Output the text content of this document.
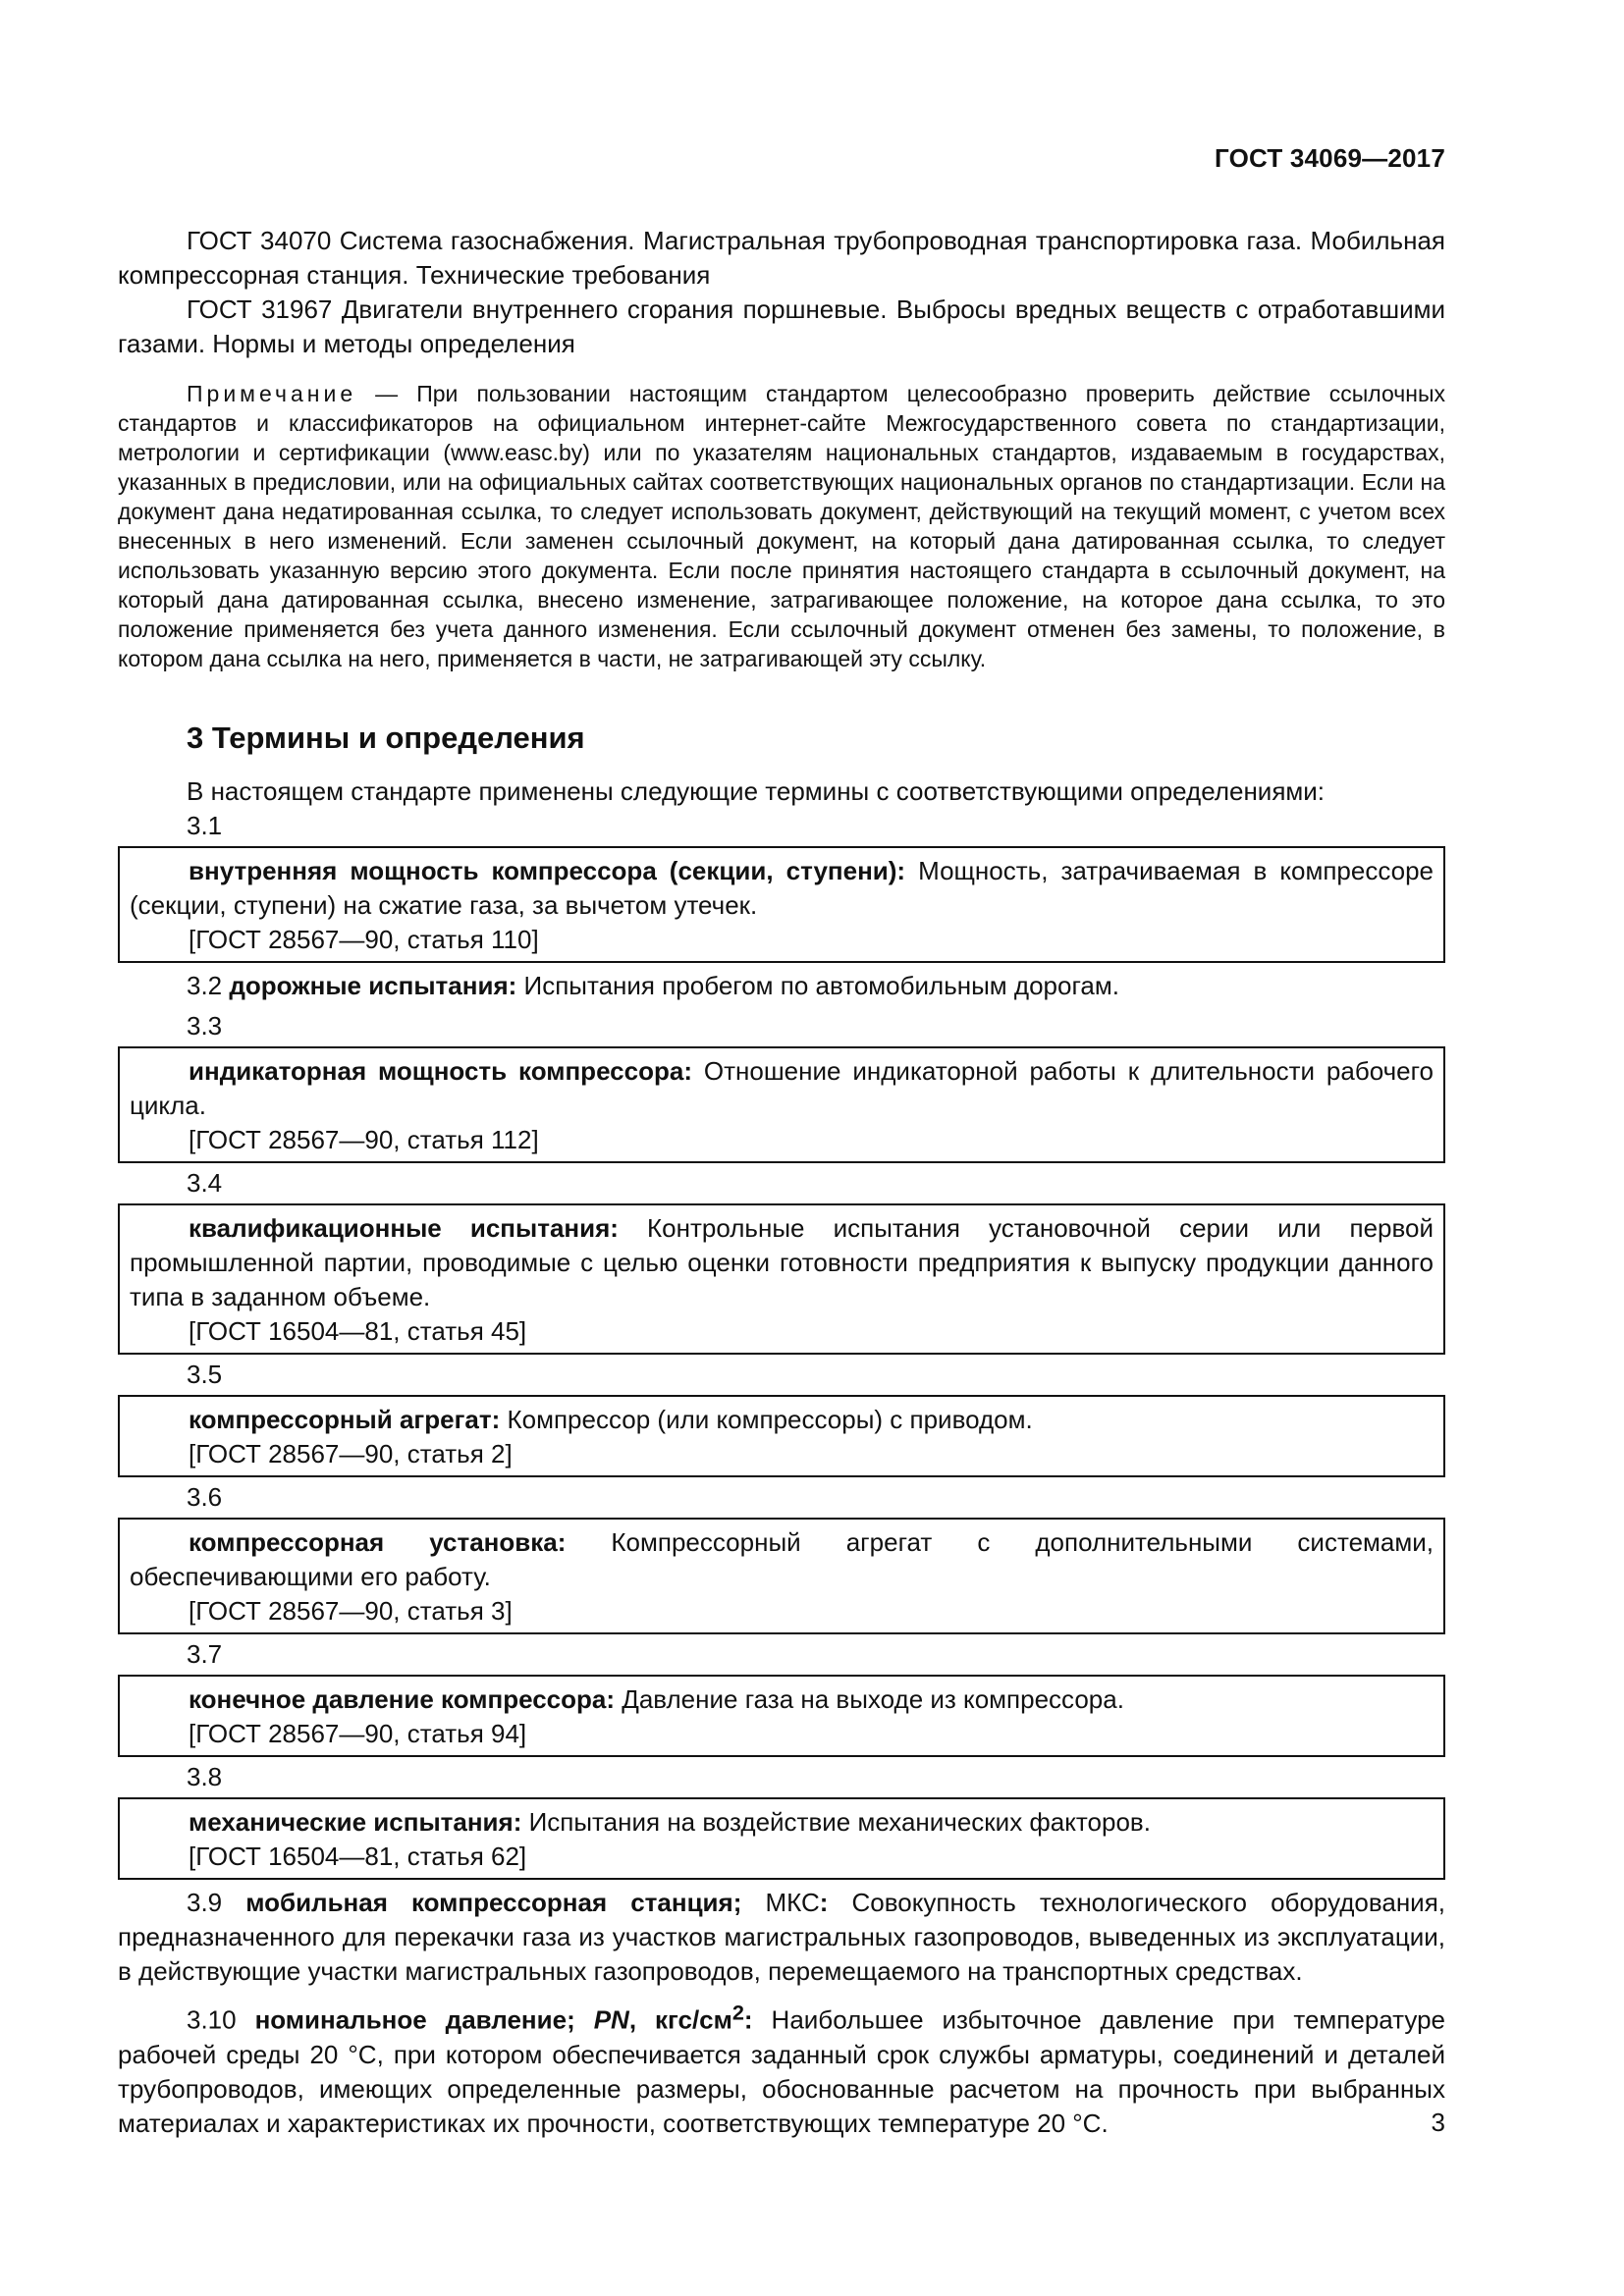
ГОСТ 34069—2017

ГОСТ 34070 Система газоснабжения. Магистральная трубопроводная транспортировка газа. Мобильная компрессорная станция. Технические требования

ГОСТ 31967 Двигатели внутреннего сгорания поршневые. Выбросы вредных веществ с отработавшими газами. Нормы и методы определения

Примечание — При пользовании настоящим стандартом целесообразно проверить действие ссылочных стандартов и классификаторов на официальном интернет-сайте Межгосударственного совета по стандартизации, метрологии и сертификации (www.easc.by) или по указателям национальных стандартов, издаваемым в государствах, указанных в предисловии, или на официальных сайтах соответствующих национальных органов по стандартизации. Если на документ дана недатированная ссылка, то следует использовать документ, действующий на текущий момент, с учетом всех внесенных в него изменений. Если заменен ссылочный документ, на который дана датированная ссылка, то следует использовать указанную версию этого документа. Если после принятия настоящего стандарта в ссылочный документ, на который дана датированная ссылка, внесено изменение, затрагивающее положение, на которое дана ссылка, то это положение применяется без учета данного изменения. Если ссылочный документ отменен без замены, то положение, в котором дана ссылка на него, применяется в части, не затрагивающей эту ссылку.

3 Термины и определения

В настоящем стандарте применены следующие термины с соответствующими определениями:

3.1

внутренняя мощность компрессора (секции, ступени): Мощность, затрачиваемая в компрессоре (секции, ступени) на сжатие газа, за вычетом утечек.

[ГОСТ 28567—90, статья 110]

3.2 дорожные испытания: Испытания пробегом по автомобильным дорогам.

3.3

индикаторная мощность компрессора: Отношение индикаторной работы к длительности рабочего цикла.

[ГОСТ 28567—90, статья 112]

3.4

квалификационные испытания: Контрольные испытания установочной серии или первой промышленной партии, проводимые с целью оценки готовности предприятия к выпуску продукции данного типа в заданном объеме.

[ГОСТ 16504—81, статья 45]

3.5

компрессорный агрегат: Компрессор (или компрессоры) с приводом.

[ГОСТ 28567—90, статья 2]

3.6

компрессорная установка: Компрессорный агрегат с дополнительными системами, обеспечивающими его работу.

[ГОСТ 28567—90, статья 3]

3.7

конечное давление компрессора: Давление газа на выходе из компрессора.

[ГОСТ 28567—90, статья 94]

3.8

механические испытания: Испытания на воздействие механических факторов.

[ГОСТ 16504—81, статья 62]

3.9 мобильная компрессорная станция; МКС: Совокупность технологического оборудования, предназначенного для перекачки газа из участков магистральных газопроводов, выведенных из эксплуатации, в действующие участки магистральных газопроводов, перемещаемого на транспортных средствах.

3.10 номинальное давление; PN, кгс/$см^2$: Наибольшее избыточное давление при температуре рабочей среды 20 °С, при котором обеспечивается заданный срок службы арматуры, соединений и деталей трубопроводов, имеющих определенные размеры, обоснованные расчетом на прочность при выбранных материалах и характеристиках их прочности, соответствующих температуре 20 °С.	3
